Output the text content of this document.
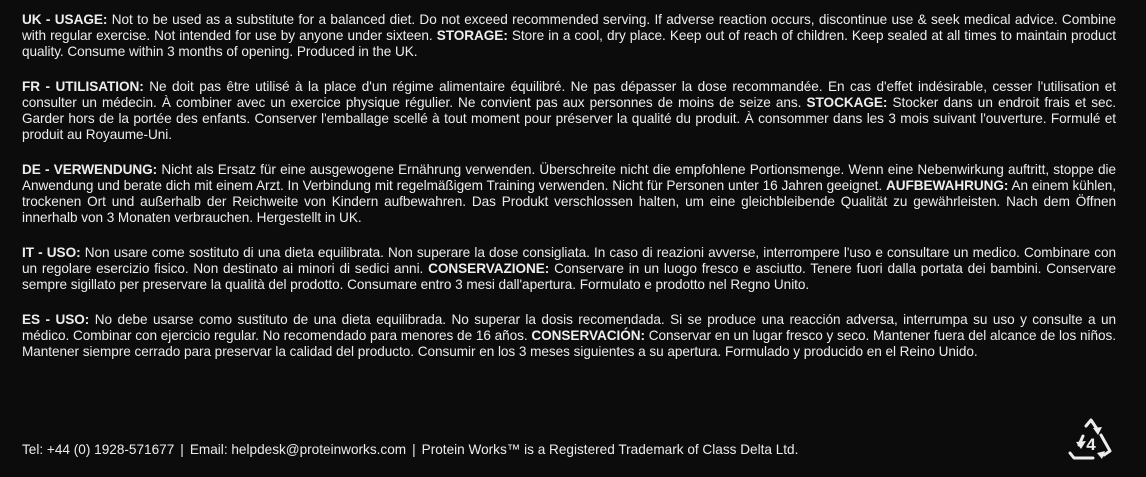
UK - USAGE: Not to be used as a substitute for a balanced diet. Do not exceed recommended serving. If adverse reaction occurs, discontinue use & seek medical advice. Combine with regular exercise. Not intended for use by anyone under sixteen. STORAGE: Store in a cool, dry place. Keep out of reach of children. Keep sealed at all times to maintain product quality. Consume within 3 months of opening. Produced in the UK.

FR - UTILISATION: Ne doit pas être utilisé à la place d'un régime alimentaire équilibré. Ne pas dépasser la dose recommandée. En cas d'effet indésirable, cesser l'utilisation et consulter un médecin. À combiner avec un exercice physique régulier. Ne convient pas aux personnes de moins de seize ans. STOCKAGE: Stocker dans un endroit frais et sec. Garder hors de la portée des enfants. Conserver l'emballage scellé à tout moment pour préserver la qualité du produit. À consommer dans les 3 mois suivant l'ouverture. Formulé et produit au Royaume-Uni.

DE - VERWENDUNG: Nicht als Ersatz für eine ausgewogene Ernährung verwenden. Überschreite nicht die empfohlene Portionsmenge. Wenn eine Nebenwirkung auftritt, stoppe die Anwendung und berate dich mit einem Arzt. In Verbindung mit regelmäßigem Training verwenden. Nicht für Personen unter 16 Jahren geeignet. AUFBEWAHRUNG: An einem kühlen, trockenen Ort und außerhalb der Reichweite von Kindern aufbewahren. Das Produkt verschlossen halten, um eine gleichbleibende Qualität zu gewährleisten. Nach dem Öffnen innerhalb von 3 Monaten verbrauchen. Hergestellt in UK.

IT - USO: Non usare come sostituto di una dieta equilibrata. Non superare la dose consigliata. In caso di reazioni avverse, interrompere l'uso e consultare un medico. Combinare con un regolare esercizio fisico. Non destinato ai minori di sedici anni. CONSERVAZIONE: Conservare in un luogo fresco e asciutto. Tenere fuori dalla portata dei bambini. Conservare sempre sigillato per preservare la qualità del prodotto. Consumare entro 3 mesi dall'apertura. Formulato e prodotto nel Regno Unito.

ES - USO: No debe usarse como sustituto de una dieta equilibrada. No superar la dosis recomendada. Si se produce una reacción adversa, interrumpa su uso y consulte a un médico. Combinar con ejercicio regular. No recomendado para menores de 16 años. CONSERVACIÓN: Conservar en un lugar fresco y seco. Mantener fuera del alcance de los niños. Mantener siempre cerrado para preservar la calidad del producto. Consumir en los 3 meses siguientes a su apertura. Formulado y producido en el Reino Unido.

Tel: +44 (0) 1928-571677 | Email: helpdesk@proteinworks.com | Protein Works™ is a Registered Trademark of Class Delta Ltd.	4
